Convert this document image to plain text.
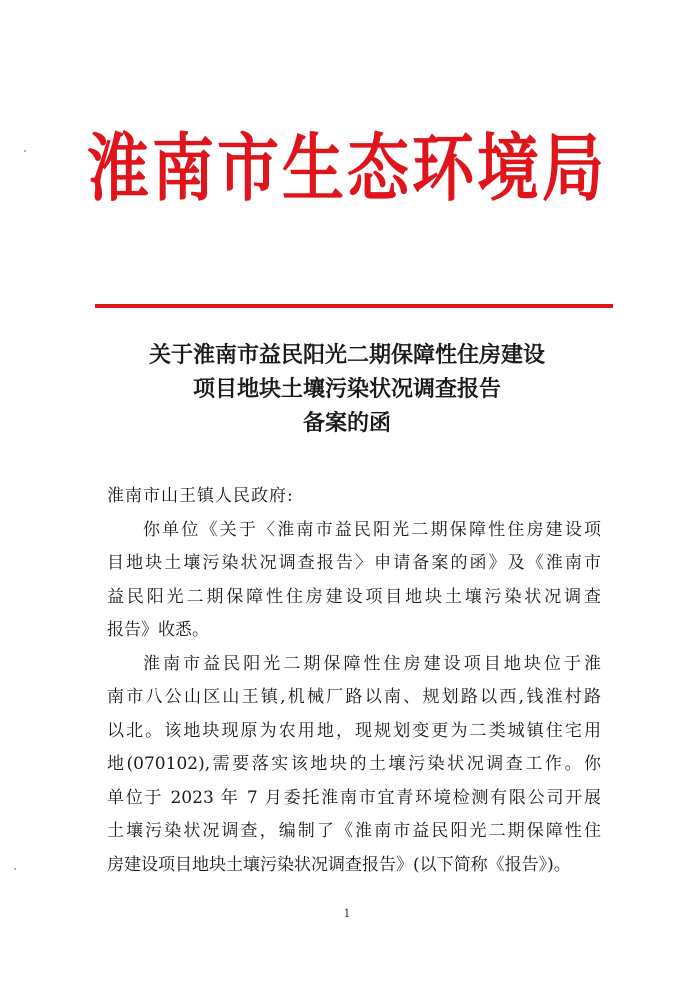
淮南市生态环境局
关于淮南市益民阳光二期保障性住房建设
项目地块土壤污染状况调查报告
备案的函

淮南市山王镇人民政府:

你单位《关于〈淮南市益民阳光二期保障性住房建设项
目地块土壤污染状况调查报告〉申请备案的函》及《淮南市
益民阳光二期保障性住房建设项目地块土壤污染状况调查
报告》收悉。

淮南市益民阳光二期保障性住房建设项目地块位于淮
南市八公山区山王镇,机械厂路以南、规划路以西,钱淮村路
以北。该地块现原为农用地，现规划变更为二类城镇住宅用
地(070102),需要落实该地块的土壤污染状况调查工作。你
单位于 2023 年 7 月委托淮南市宜青环境检测有限公司开展
土壤污染状况调查，编制了《淮南市益民阳光二期保障性住
房建设项目地块土壤污染状况调查报告》(以下简称《报告》)。

1
